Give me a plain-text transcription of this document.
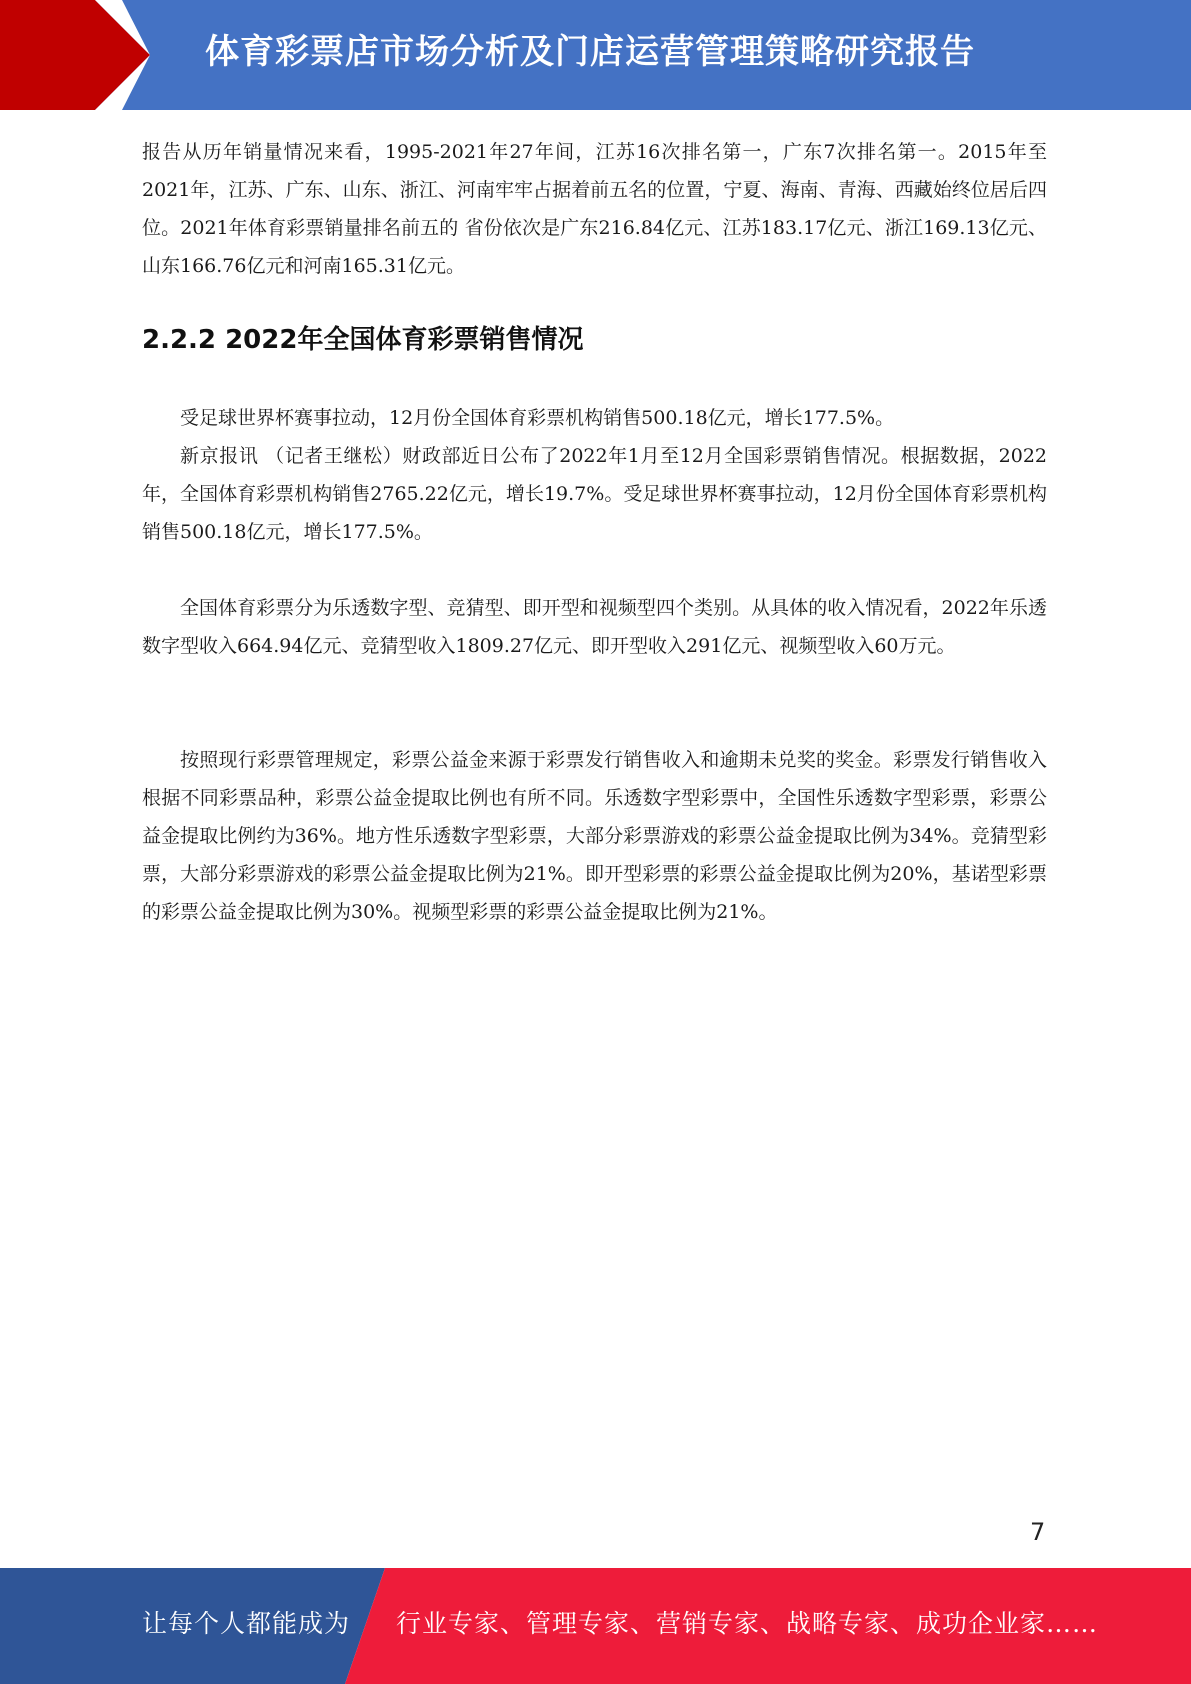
体育彩票店市场分析及门店运营管理策略研究报告

报告从历年销量情况来看，1995-2021年27年间，江苏16次排名第一，广东7次排名第一。2015年至2021年，江苏、广东、山东、浙江、河南牢牢占据着前五名的位置，宁夏、海南、青海、西藏始终位居后四位。2021年体育彩票销量排名前五的 省份依次是广东216.84亿元、江苏183.17亿元、浙江169.13亿元、山东166.76亿元和河南165.31亿元。

2.2.2 2022年全国体育彩票销售情况

受足球世界杯赛事拉动，12月份全国体育彩票机构销售500.18亿元，增长177.5%。

新京报讯 （记者王继松）财政部近日公布了2022年1月至12月全国彩票销售情况。根据数据，2022年，全国体育彩票机构销售2765.22亿元，增长19.7%。受足球世界杯赛事拉动，12月份全国体育彩票机构销售500.18亿元，增长177.5%。

全国体育彩票分为乐透数字型、竞猜型、即开型和视频型四个类别。从具体的收入情况看，2022年乐透数字型收入664.94亿元、竞猜型收入1809.27亿元、即开型收入291亿元、视频型收入60万元。

按照现行彩票管理规定，彩票公益金来源于彩票发行销售收入和逾期未兑奖的奖金。彩票发行销售收入根据不同彩票品种，彩票公益金提取比例也有所不同。乐透数字型彩票中，全国性乐透数字型彩票，彩票公益金提取比例约为36%。地方性乐透数字型彩票，大部分彩票游戏的彩票公益金提取比例为34%。竞猜型彩票，大部分彩票游戏的彩票公益金提取比例为21%。即开型彩票的彩票公益金提取比例为20%，基诺型彩票的彩票公益金提取比例为30%。视频型彩票的彩票公益金提取比例为21%。

7
让每个人都能成为 行业专家、管理专家、营销专家、战略专家、成功企业家……
